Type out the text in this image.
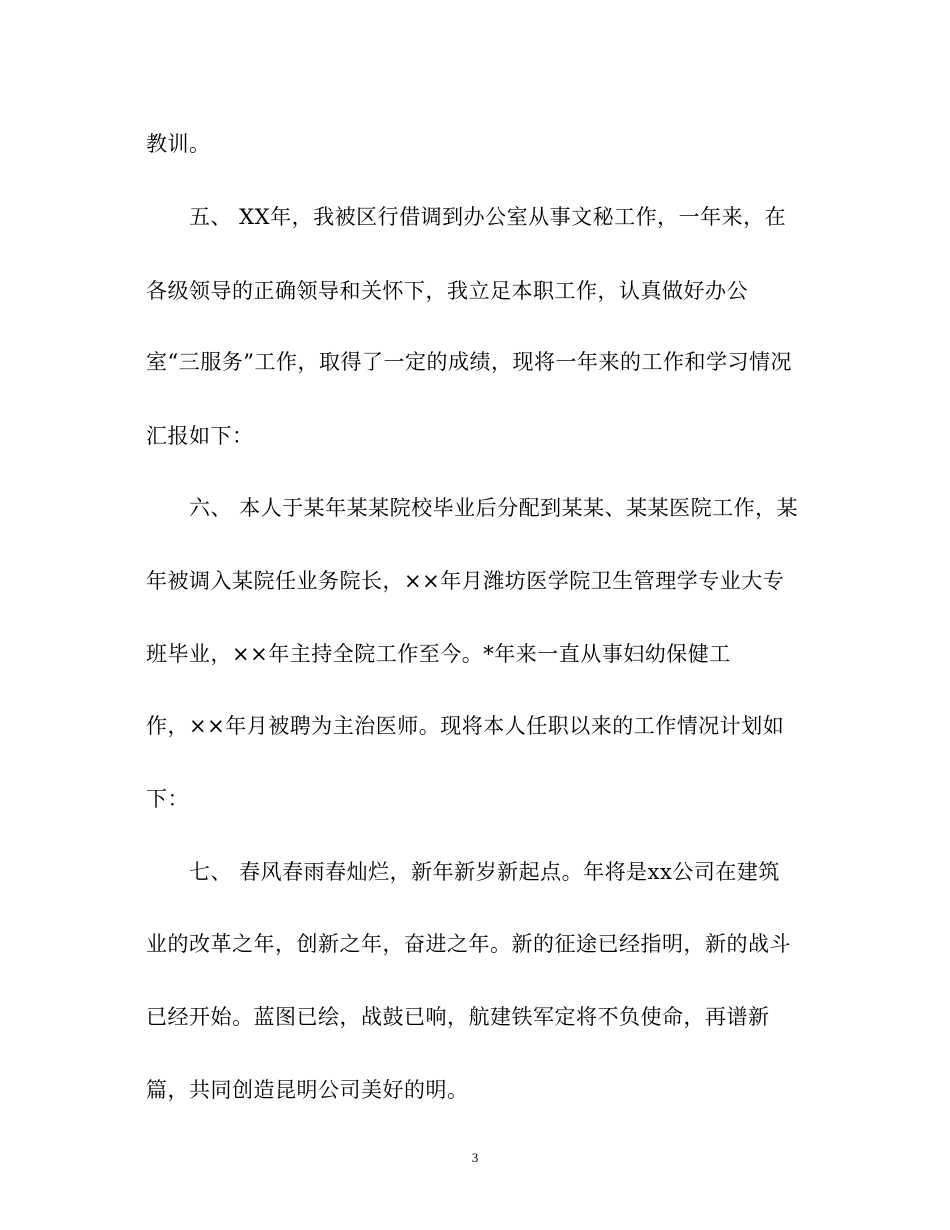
教训。
五、 XX年，我被区行借调到办公室从事文秘工作，一年来，在
各级领导的正确领导和关怀下，我立足本职工作，认真做好办公
室“三服务”工作，取得了一定的成绩，现将一年来的工作和学习情况
汇报如下：
六、 本人于某年某某院校毕业后分配到某某、某某医院工作，某
年被调入某院任业务院长，××年月潍坊医学院卫生管理学专业大专
班毕业，××年主持全院工作至今。*年来一直从事妇幼保健工
作，××年月被聘为主治医师。现将本人任职以来的工作情况计划如
下：
七、 春风春雨春灿烂，新年新岁新起点。年将是xx公司在建筑
业的改革之年，创新之年，奋进之年。新的征途已经指明，新的战斗
已经开始。蓝图已绘，战鼓已响，航建铁军定将不负使命，再谱新
篇，共同创造昆明公司美好的明。
3
